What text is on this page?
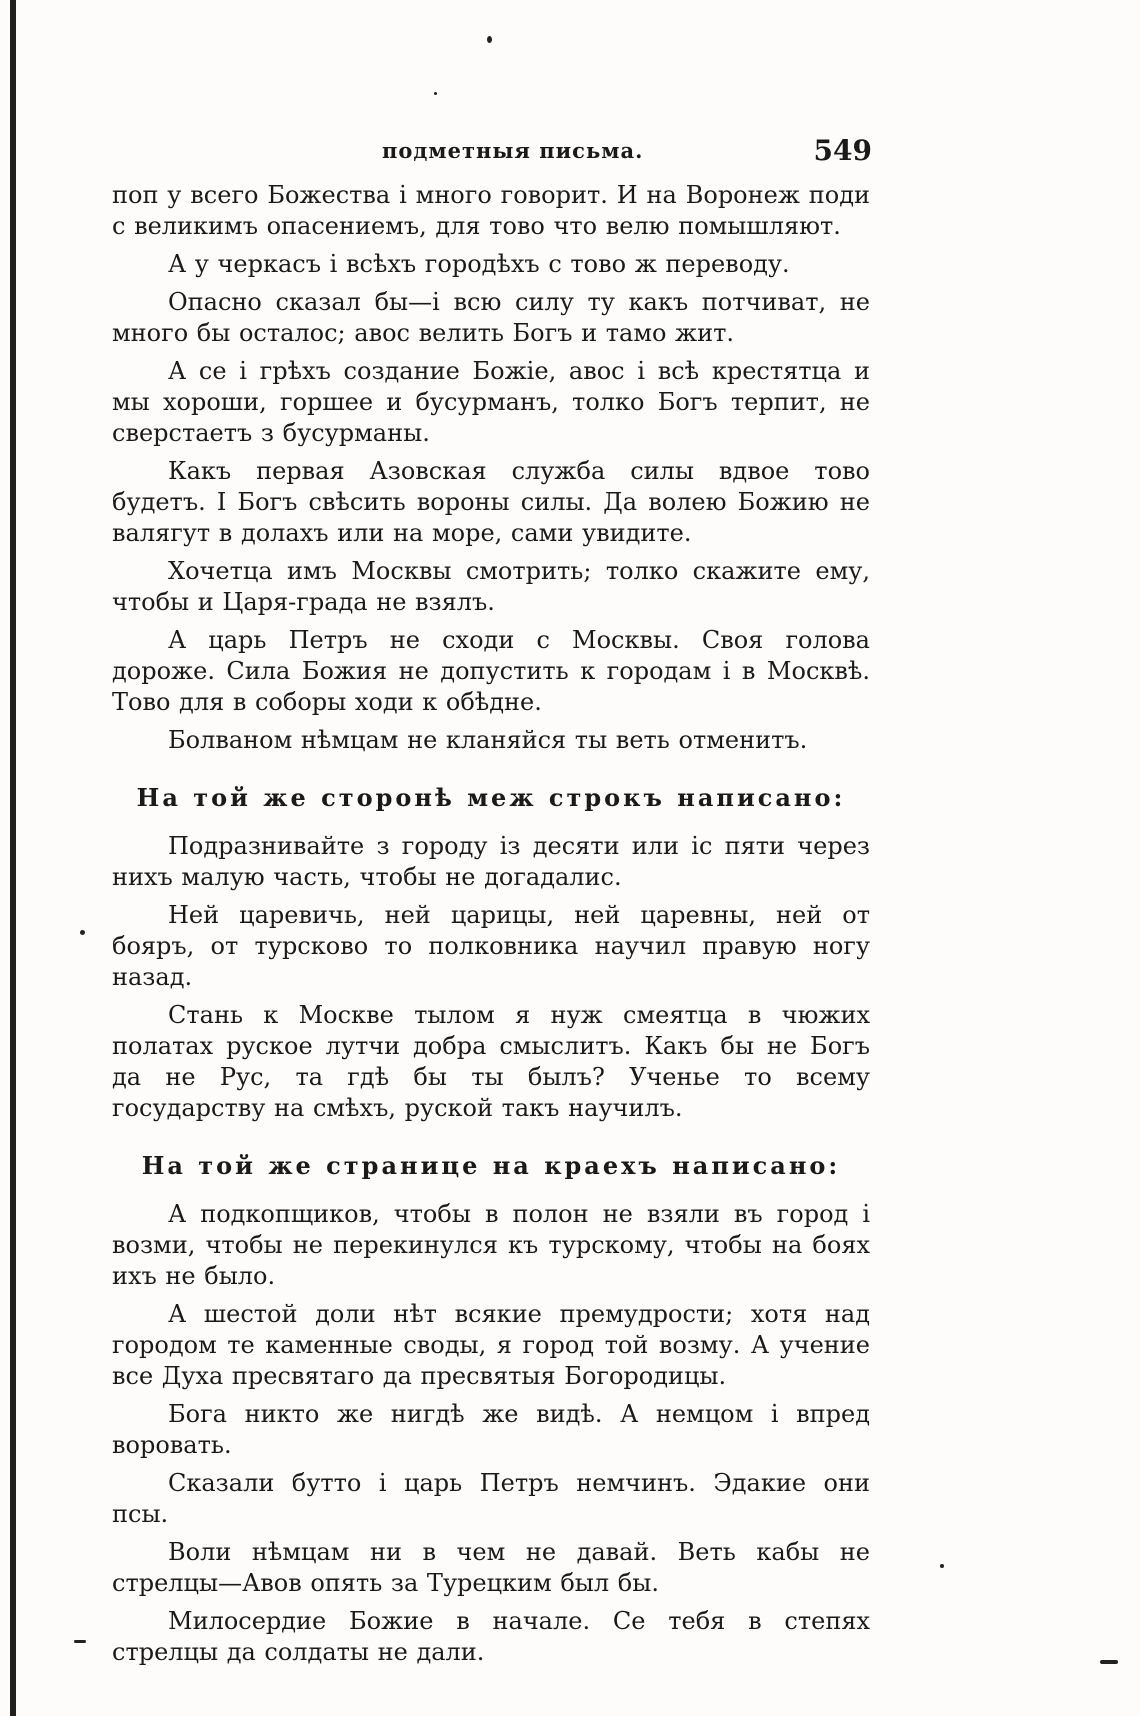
подметныя письма.	549

поп у всего Божества і много говорит. И на Воронеж поди с великимъ опасениемъ, для тово что велю помышляют.

А у черкасъ і всѣхъ городѣхъ с тово ж переводу.

Опасно сказал бы—і всю силу ту какъ потчиват, не много бы осталос; авос велить Богъ и тамо жит.

А се і грѣхъ создание Божіе, авос і всѣ крестятца и мы хороши, горшее и бусурманъ, толко Богъ терпит, не сверстаетъ з бусурманы.

Какъ первая Азовская служба силы вдвое тово будетъ. І Богъ свѣсить вороны силы. Да волею Божию не валягут в долахъ или на море, сами увидите.

Хочетца имъ Москвы смотрить; толко скажите ему, чтобы и Царя-града не взялъ.

А царь Петръ не сходи с Москвы. Своя голова дороже. Сила Божия не допустить к городам і в Москвѣ. Тово для в соборы ходи к обѣдне.

Болваном нѣмцам не кланяйся ты веть отменитъ.

На той же сторонѣ меж строкъ написано:

Подразнивайте з городу із десяти или іс пяти через нихъ малую часть, чтобы не догадалис.

Ней царевичь, ней царицы, ней царевны, ней от бояръ, от турсково то полковника научил правую ногу назад.

Стань к Москве тылом я нуж смеятца в чюжих полатах руское лутчи добра смыслитъ. Какъ бы не Богъ да не Рус, та гдѣ бы ты былъ? Ученье то всему государству на смѣхъ, руской такъ научилъ.

На той же странице на краехъ написано:

А подкопщиков, чтобы в полон не взяли въ город і возми, чтобы не перекинулся къ турскому, чтобы на боях ихъ не было.

А шестой доли нѣт всякие премудрости; хотя над городом те каменные своды, я город той возму. А учение все Духа пресвятаго да пресвятыя Богородицы.

Бога никто же нигдѣ же видѣ. А немцом і впред воровать.

Сказали бутто і царь Петръ немчинъ. Эдакие они псы.

Воли нѣмцам ни в чем не давай. Веть кабы не стрелцы—Авов опять за Турецким был бы.

Милосердие Божие в начале. Се тебя в степях стрелцы да солдаты не дали.
